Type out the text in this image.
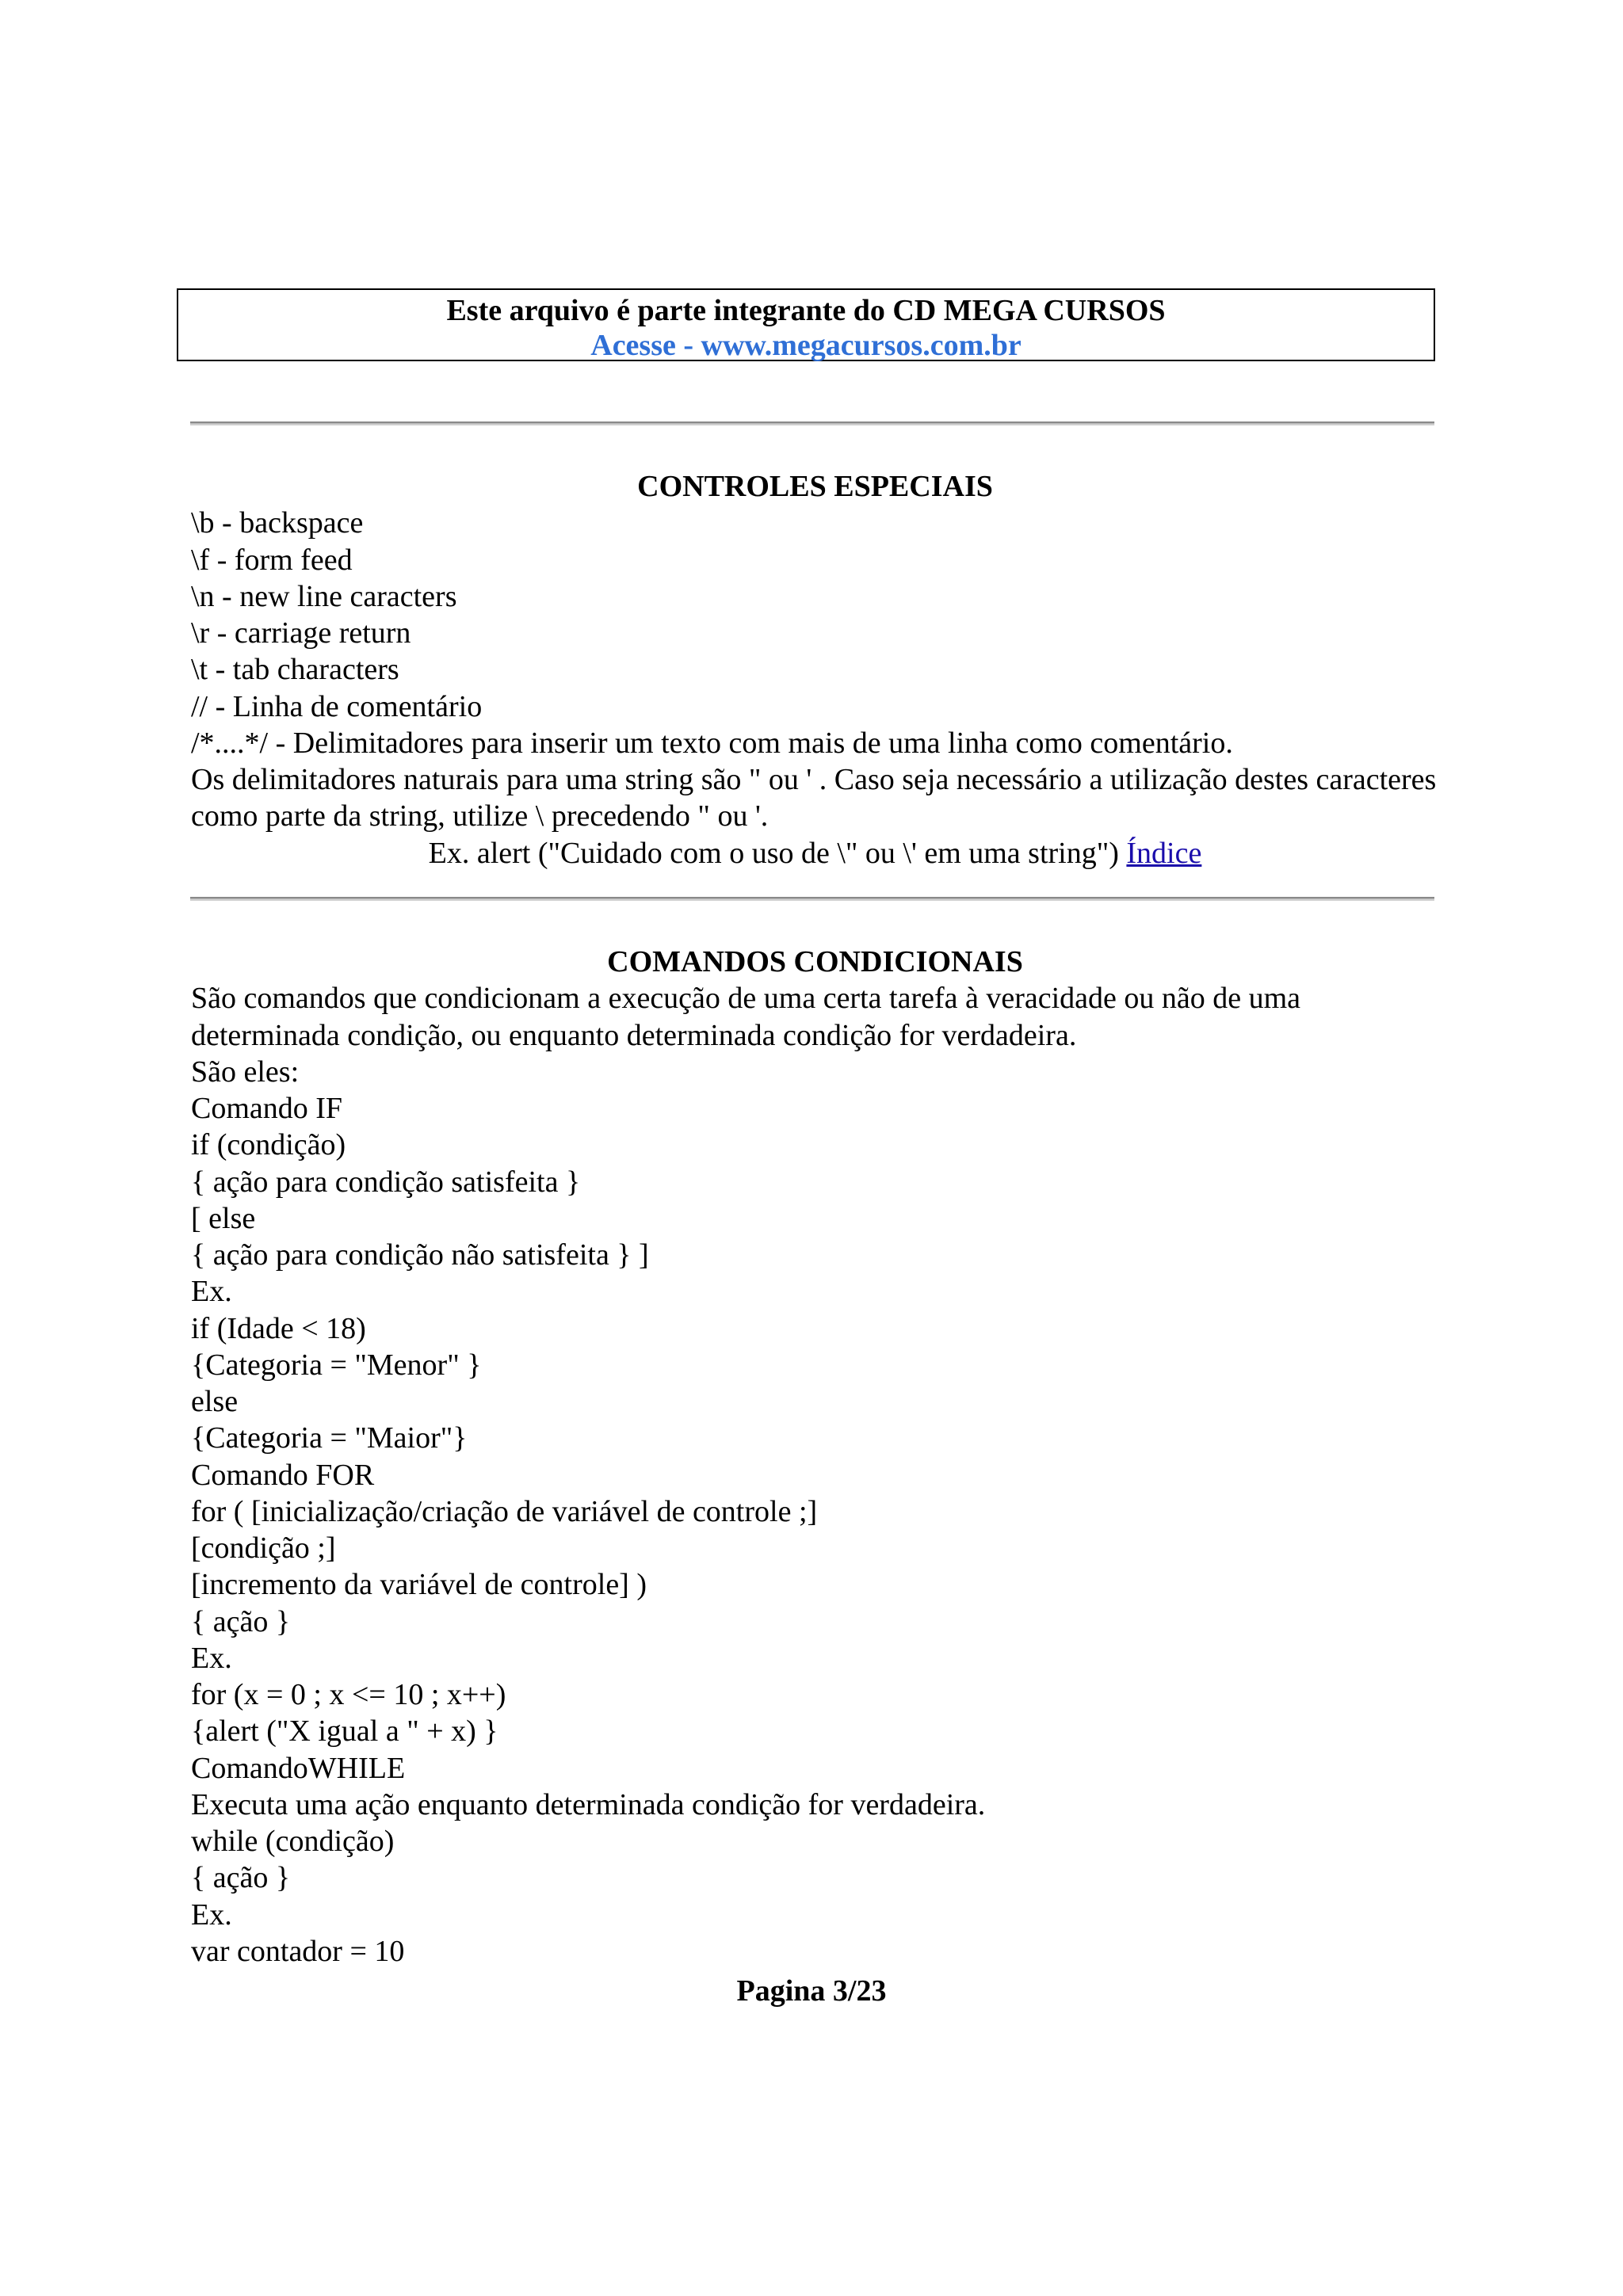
Este arquivo é parte integrante do CD MEGA CURSOS
Acesse - www.megacursos.com.br
CONTROLES ESPECIAIS
\b - backspace
\f - form feed
\n - new line caracters
\r - carriage return
\t - tab characters
// - Linha de comentário
/*....*/ - Delimitadores para inserir um texto com mais de uma linha como comentário.
Os delimitadores naturais para uma string são " ou ' . Caso seja necessário a utilização destes caracteres como parte da string, utilize \ precedendo " ou '.
Ex. alert ("Cuidado com o uso de \" ou \' em uma string") Índice
COMANDOS CONDICIONAIS
São comandos que condicionam a execução de uma certa tarefa à veracidade ou não de uma determinada condição, ou enquanto determinada condição for verdadeira.
São eles:
Comando IF
if (condição)
{ ação para condição satisfeita }
[ else
{ ação para condição não satisfeita } ]
Ex.
if (Idade < 18)
{Categoria = "Menor" }
else
{Categoria = "Maior"}
Comando FOR
for ( [inicialização/criação de variável de controle ;]
[condição ;]
[incremento da variável de controle] )
{ ação }
Ex.
for (x = 0 ; x <= 10 ; x++)
{alert ("X igual a " + x) }
ComandoWHILE
Executa uma ação enquanto determinada condição for verdadeira.
while (condição)
{ ação }
Ex.
var contador = 10
Pagina 3/23
